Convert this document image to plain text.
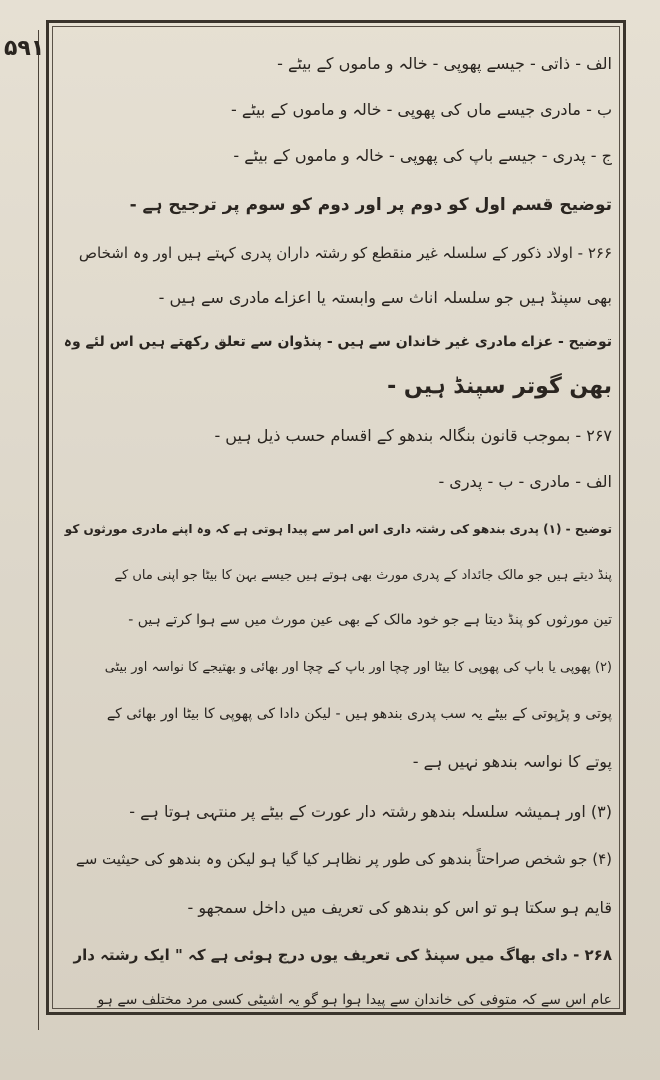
۵۹۱
الف - ذاتی - جیسے پھوپی - خالہ و ماموں کے بیٹے -
ب - مادری جیسے ماں کی پھوپی - خالہ و ماموں کے بیٹے -
ج - پدری - جیسے باپ کی پھوپی - خالہ و ماموں کے بیٹے -
توضیح قسم اول کو دوم پر اور دوم کو سوم پر ترجیح ہے -
۲۶۶ - اولاد ذکور کے سلسلہ غیر منقطع کو رشتہ داران پدری کہتے ہیں اور وہ اشخاص
بھی سپنڈ ہیں جو سلسلہ اناث سے وابستہ یا اعزاے مادری سے ہیں -
توضیح - عزاے مادری غیر خاندان سے ہیں - پنڈوان سے تعلق رکھتے ہیں اس لئے وہ
بھن گوتر سپنڈ ہیں -
۲۶۷ - بموجب قانون بنگالہ بندھو کے اقسام حسب ذیل ہیں -
الف - مادری - ب - پدری -
توضیح - (۱) پدری بندھو کی رشتہ داری اس امر سے پیدا ہوتی ہے کہ وہ اپنے مادری مورثوں کو
پنڈ دیتے ہیں جو مالک جائداد کے پدری مورث بھی ہوتے ہیں جیسے بہن کا بیٹا جو اپنی ماں کے
تین مورثوں کو پنڈ دیتا ہے جو خود مالک کے بھی عین مورث میں سے ہوا کرتے ہیں -
(۲) پھوپی یا باپ کی پھوپی کا بیٹا اور چچا اور باپ کے چچا اور بھائی و بھتیجے کا نواسہ اور بیٹی
پوتی و پڑپوتی کے بیٹے یہ سب پدری بندھو ہیں - لیکن دادا کی پھوپی کا بیٹا اور بھائی کے
پوتے کا نواسہ بندھو نہیں ہے -
(۳) اور ہمیشہ سلسلہ بندھو رشتہ دار عورت کے بیٹے پر منتہی ہوتا ہے -
(۴) جو شخص صراحتاً بندھو کی طور پر نظاہر کیا گیا ہو لیکن وہ بندھو کی حیثیت سے
قایم ہو سکتا ہو تو اس کو بندھو کی تعریف میں داخل سمجھو -
۲۶۸ - دای بھاگ میں سپنڈ کی تعریف یوں درج ہوئی ہے کہ " ایک رشتہ دار
عام اس سے کہ متوفی کی خاندان سے پیدا ہوا ہو گو یہ اشیٹی کسی مرد مختلف سے ہو
